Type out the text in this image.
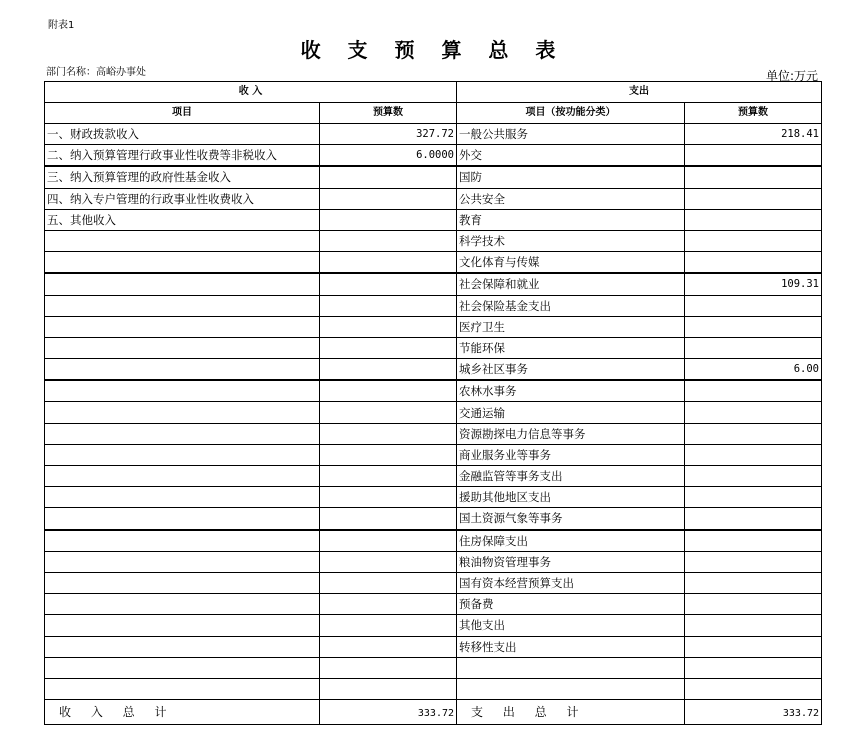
附表1
收 支 预 算 总 表
部门名称：高峪办事处	单位:万元
收 入		支出	
项目	预算数	项目（按功能分类）	预算数
一、财政拨款收入	327.72	一般公共服务	218.41
二、纳入预算管理行政事业性收费等非税收入	6.0000	外交	
三、纳入预算管理的政府性基金收入		国防	
四、纳入专户管理的行政事业性收费收入		公共安全	
五、其他收入		教育	
		科学技术	
		文化体育与传媒	
		社会保障和就业	109.31
		社会保险基金支出	
		医疗卫生	
		节能环保	
		城乡社区事务	6.00
		农林水事务	
		交通运输	
		资源勘探电力信息等事务	
		商业服务业等事务	
		金融监管等事务支出	
		援助其他地区支出	
		国土资源气象等事务	
		住房保障支出	
		粮油物资管理事务	
		国有资本经营预算支出	
		预备费	
		其他支出	
		转移性支出	

收 入 总 计	333.72	支 出 总 计	333.72
